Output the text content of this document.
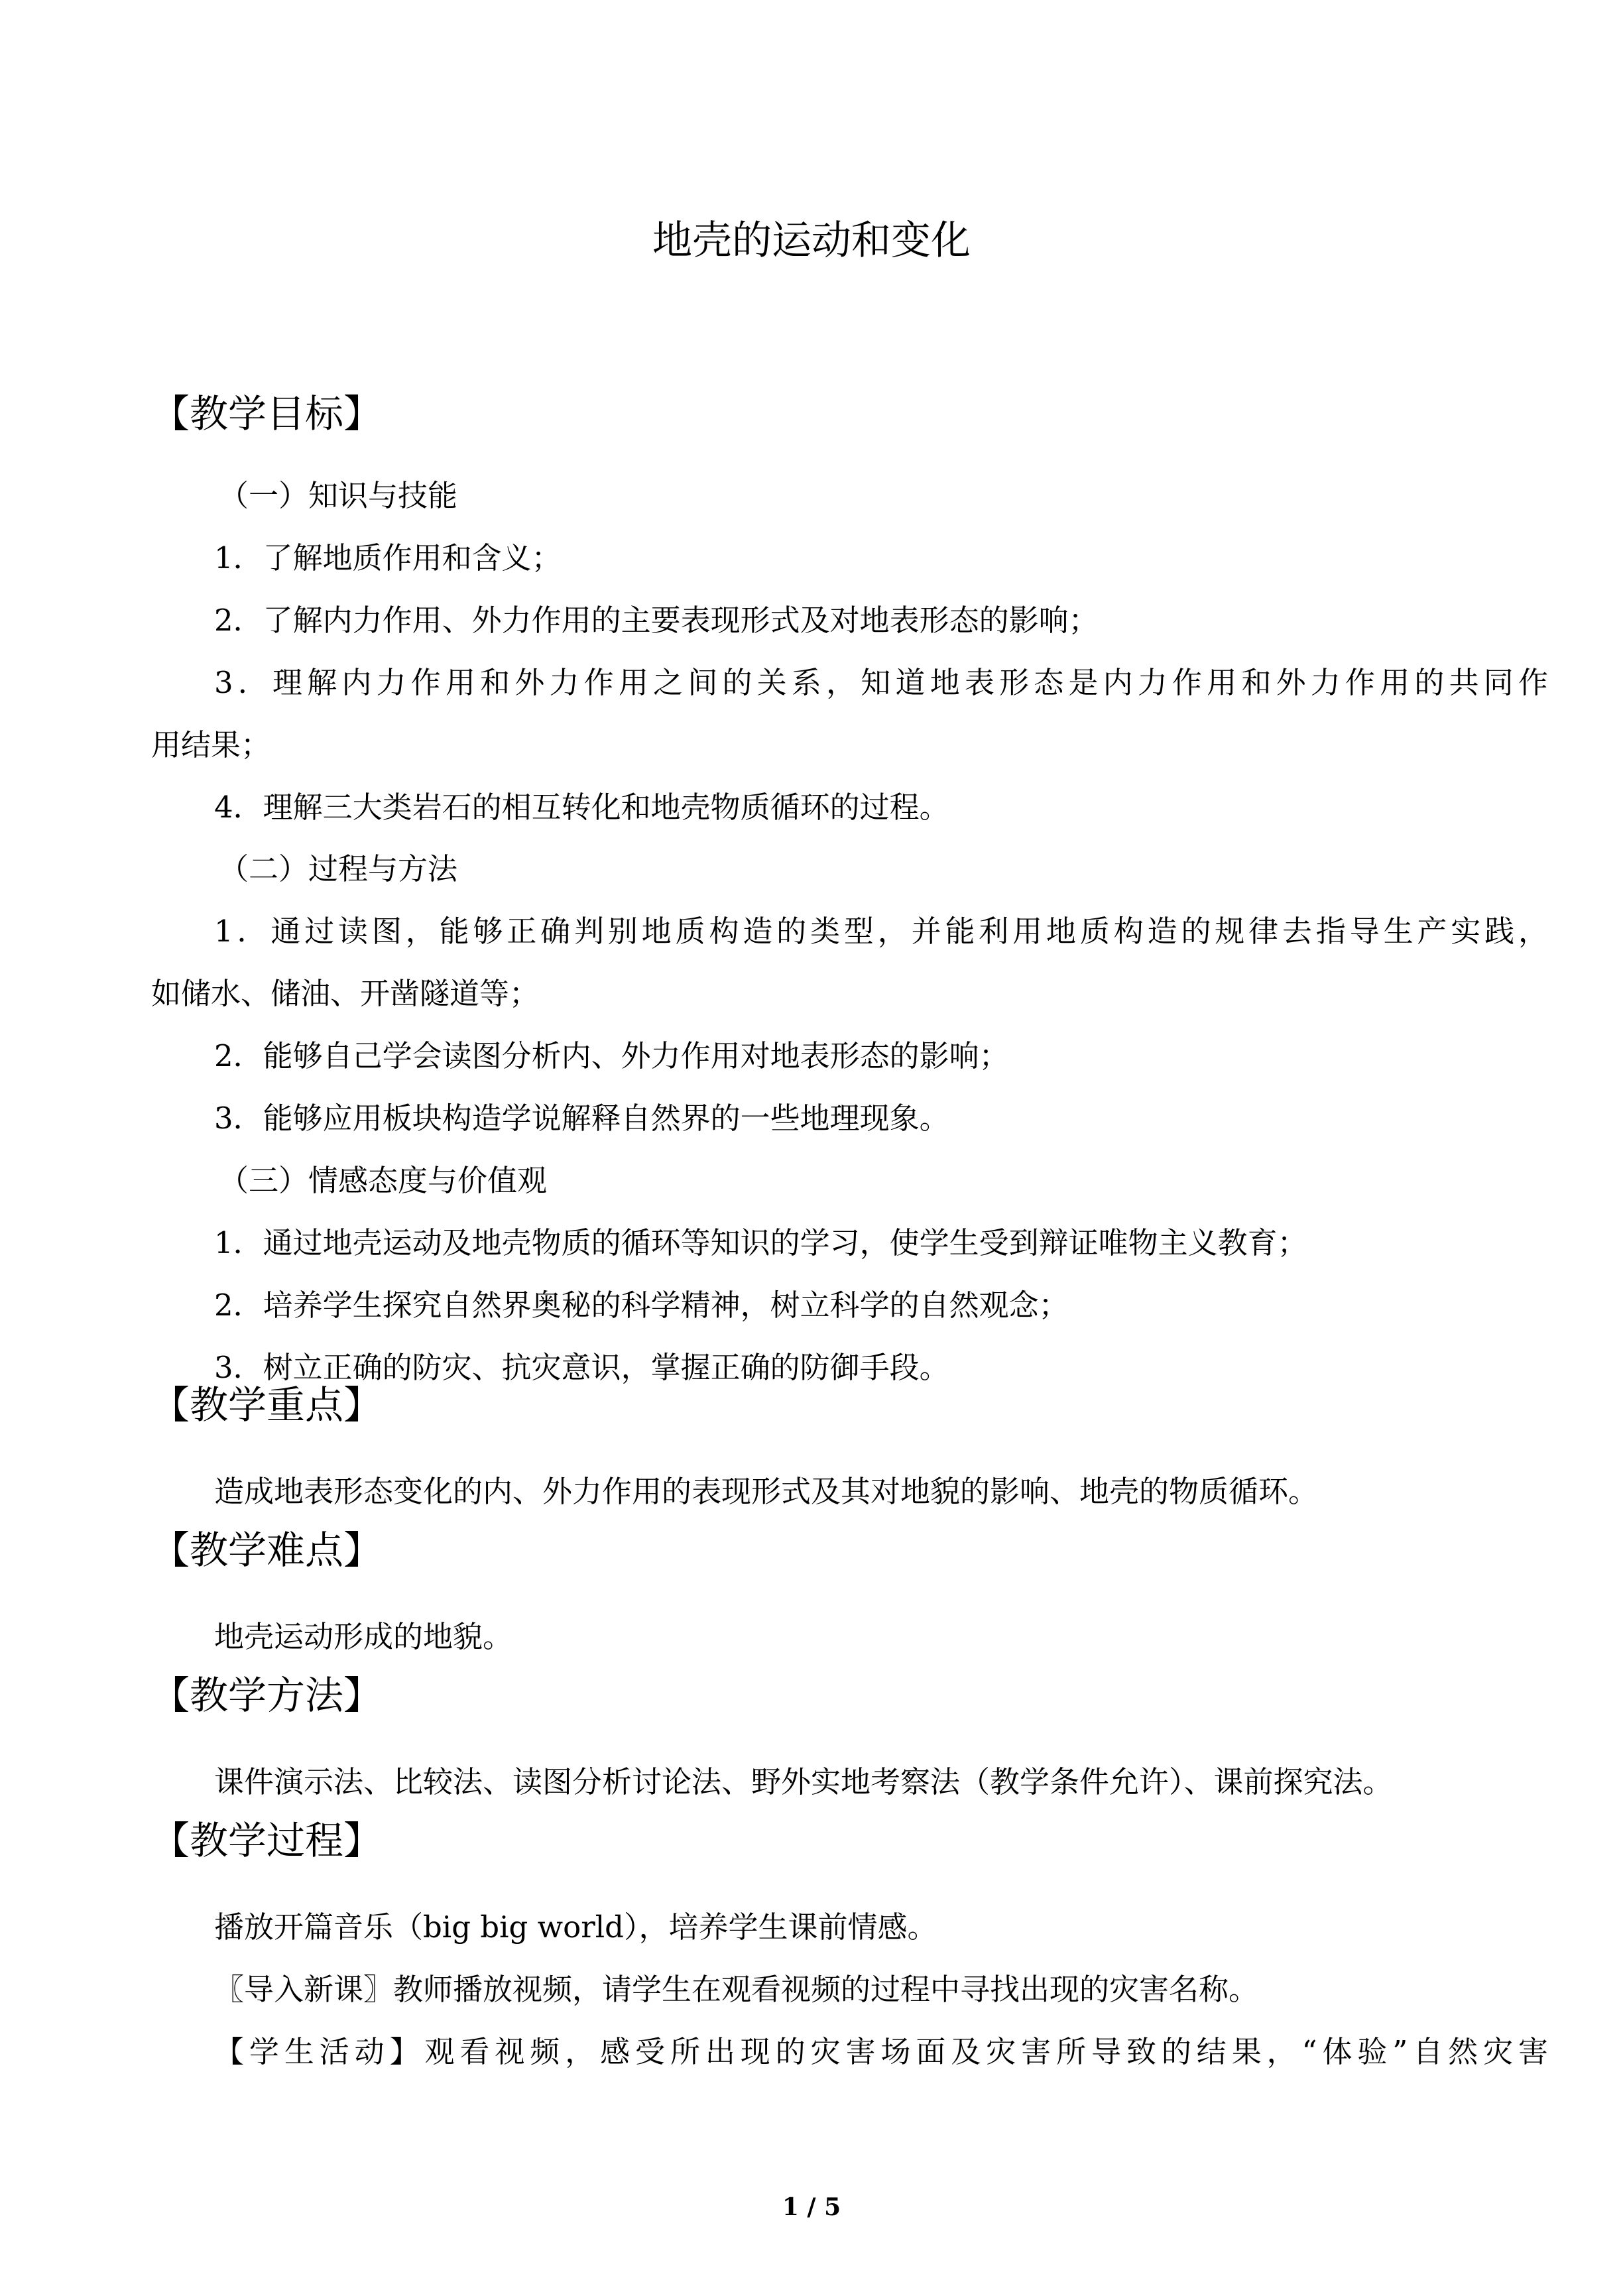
地壳的运动和变化
【教学目标】
（一）知识与技能
1．了解地质作用和含义；
2．了解内力作用、外力作用的主要表现形式及对地表形态的影响；
3．理解内力作用和外力作用之间的关系，知道地表形态是内力作用和外力作用的共同作
用结果；
4．理解三大类岩石的相互转化和地壳物质循环的过程。
（二）过程与方法
1．通过读图，能够正确判别地质构造的类型，并能利用地质构造的规律去指导生产实践，
如储水、储油、开凿隧道等；
2．能够自己学会读图分析内、外力作用对地表形态的影响；
3．能够应用板块构造学说解释自然界的一些地理现象。
（三）情感态度与价值观
1．通过地壳运动及地壳物质的循环等知识的学习，使学生受到辩证唯物主义教育；
2．培养学生探究自然界奥秘的科学精神，树立科学的自然观念；
3．树立正确的防灾、抗灾意识，掌握正确的防御手段。
【教学重点】
造成地表形态变化的内、外力作用的表现形式及其对地貌的影响、地壳的物质循环。
【教学难点】
地壳运动形成的地貌。
【教学方法】
课件演示法、比较法、读图分析讨论法、野外实地考察法（教学条件允许）、课前探究法。
【教学过程】
播放开篇音乐（big big world），培养学生课前情感。
〖导入新课〗教师播放视频，请学生在观看视频的过程中寻找出现的灾害名称。
【学生活动】观看视频，感受所出现的灾害场面及灾害所导致的结果，“体验”自然灾害
1 / 5
